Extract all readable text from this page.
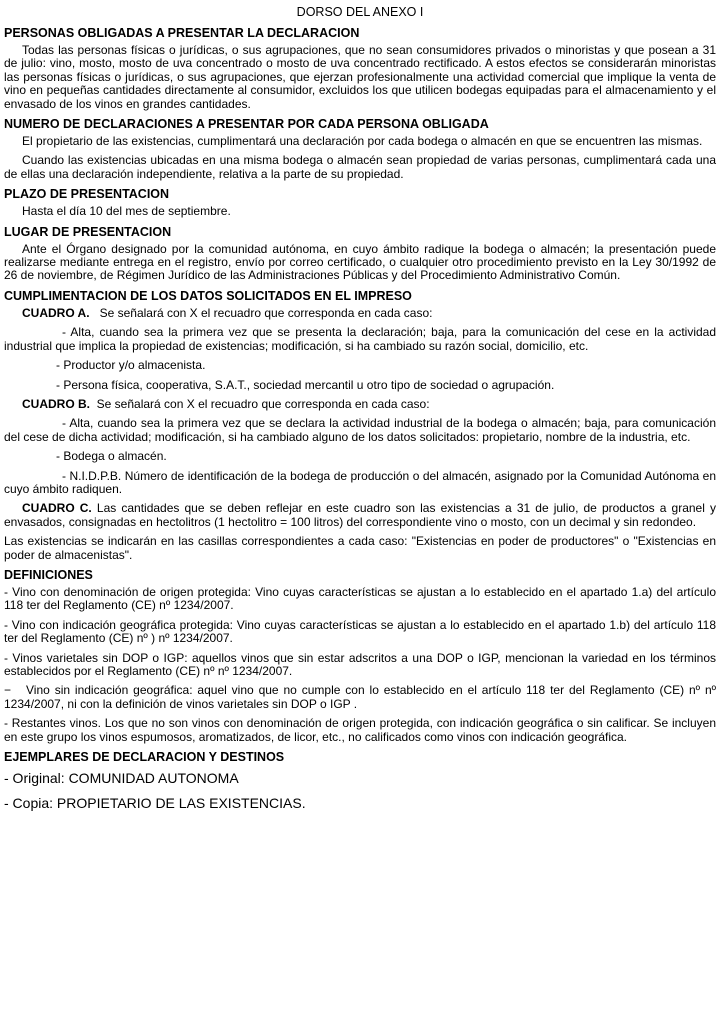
DORSO DEL ANEXO I
PERSONAS OBLIGADAS A PRESENTAR LA DECLARACION

Todas las personas físicas o jurídicas, o sus agrupaciones, que no sean consumidores privados o minoristas y que posean a 31 de julio: vino, mosto, mosto de uva concentrado o mosto de uva concentrado rectificado. A estos efectos se considerarán minoristas las personas físicas o jurídicas, o sus agrupaciones, que ejerzan profesionalmente una actividad comercial que implique la venta de vino en pequeñas cantidades directamente al consumidor, excluidos los que utilicen bodegas equipadas para el almacenamiento y el envasado de los vinos en grandes cantidades.

NUMERO DE DECLARACIONES A PRESENTAR POR CADA PERSONA OBLIGADA

El propietario de las existencias, cumplimentará una declaración por cada bodega o almacén en que se encuentren las mismas.

Cuando las existencias ubicadas en una misma bodega o almacén sean propiedad de varias personas, cumplimentará cada una de ellas una declaración independiente, relativa a la parte de su propiedad.

PLAZO DE PRESENTACION

Hasta el día 10 del mes de septiembre.

LUGAR DE PRESENTACION

Ante el Órgano designado por la comunidad autónoma, en cuyo ámbito radique la bodega o almacén; la presentación puede realizarse mediante entrega en el registro, envío por correo certificado, o cualquier otro procedimiento previsto en la Ley 30/1992 de 26 de noviembre, de Régimen Jurídico de las Administraciones Públicas y del Procedimiento Administrativo Común.

CUMPLIMENTACION DE LOS DATOS SOLICITADOS EN EL IMPRESO

CUADRO A. Se señalará con X el recuadro que corresponda en cada caso:

- Alta, cuando sea la primera vez que se presenta la declaración; baja, para la comunicación del cese en la actividad industrial que implica la propiedad de existencias; modificación, si ha cambiado su razón social, domicilio, etc.

- Productor y/o almacenista.

- Persona física, cooperativa, S.A.T., sociedad mercantil u otro tipo de sociedad o agrupación.

CUADRO B. Se señalará con X el recuadro que corresponda en cada caso:

- Alta, cuando sea la primera vez que se declara la actividad industrial de la bodega o almacén; baja, para comunicación del cese de dicha actividad; modificación, si ha cambiado alguno de los datos solicitados: propietario, nombre de la industria, etc.

- Bodega o almacén.

- N.I.D.P.B. Número de identificación de la bodega de producción o del almacén, asignado por la Comunidad Autónoma en cuyo ámbito radiquen.

CUADRO C. Las cantidades que se deben reflejar en este cuadro son las existencias a 31 de julio, de productos a granel y envasados, consignadas en hectolitros (1 hectolitro = 100 litros) del correspondiente vino o mosto, con un decimal y sin redondeo.

Las existencias se indicarán en las casillas correspondientes a cada caso: "Existencias en poder de productores" o "Existencias en poder de almacenistas".

DEFINICIONES

- Vino con denominación de origen protegida: Vino cuyas características se ajustan a lo establecido en el apartado 1.a) del artículo 118 ter del Reglamento (CE) nº 1234/2007.

- Vino con indicación geográfica protegida: Vino cuyas características se ajustan a lo establecido en el apartado 1.b) del artículo 118 ter del Reglamento (CE) nº ) nº 1234/2007.

- Vinos varietales sin DOP o IGP: aquellos vinos que sin estar adscritos a una DOP o IGP, mencionan la variedad en los términos establecidos por el Reglamento (CE) nº nº 1234/2007.

− Vino sin indicación geográfica: aquel vino que no cumple con lo establecido en el artículo 118 ter del Reglamento (CE) nº nº 1234/2007, ni con la definición de vinos varietales sin DOP o IGP .

- Restantes vinos. Los que no son vinos con denominación de origen protegida, con indicación geográfica o sin calificar. Se incluyen en este grupo los vinos espumosos, aromatizados, de licor, etc., no calificados como vinos con indicación geográfica.

EJEMPLARES DE DECLARACION Y DESTINOS
- Original: COMUNIDAD AUTONOMA
- Copia: PROPIETARIO DE LAS EXISTENCIAS.
